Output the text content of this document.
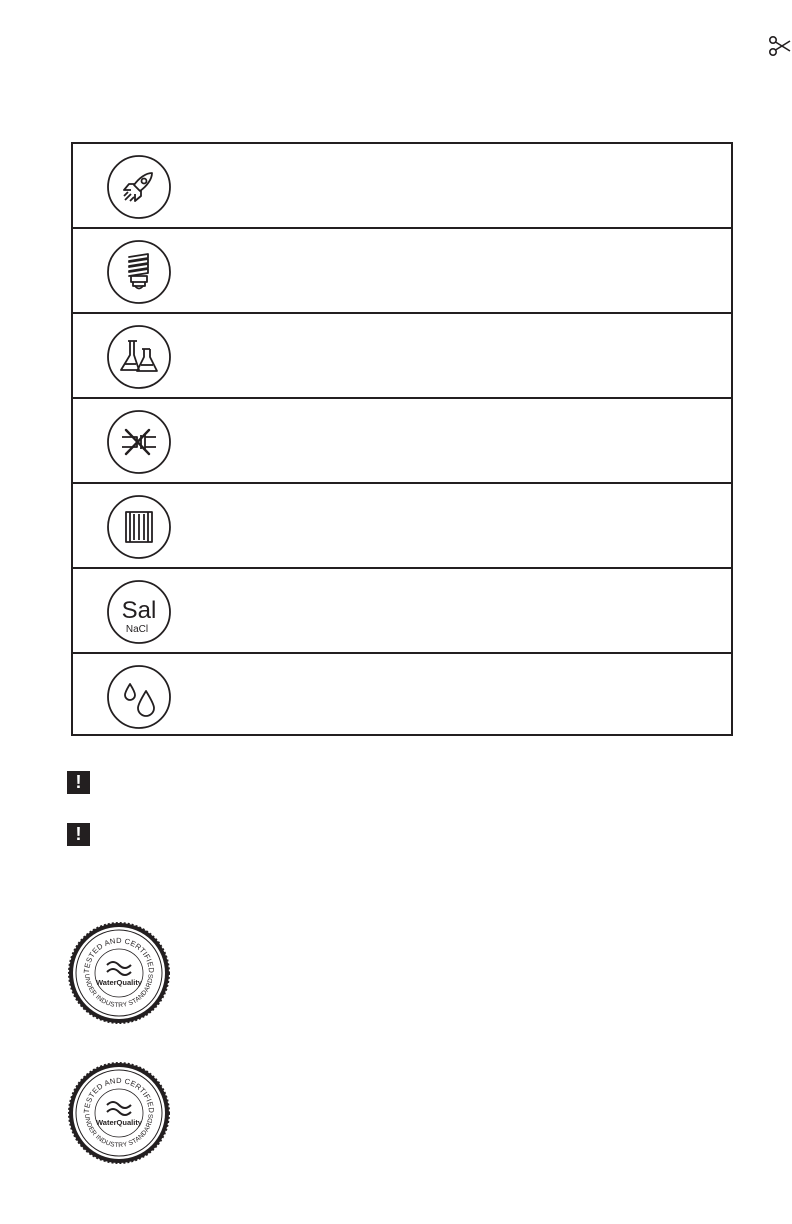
Sal
NaCl
!
!
TESTED AND CERTIFIED
UNDER INDUSTRY STANDARDS
WaterQuality
TESTED AND CERTIFIED
UNDER INDUSTRY STANDARDS
WaterQuality
